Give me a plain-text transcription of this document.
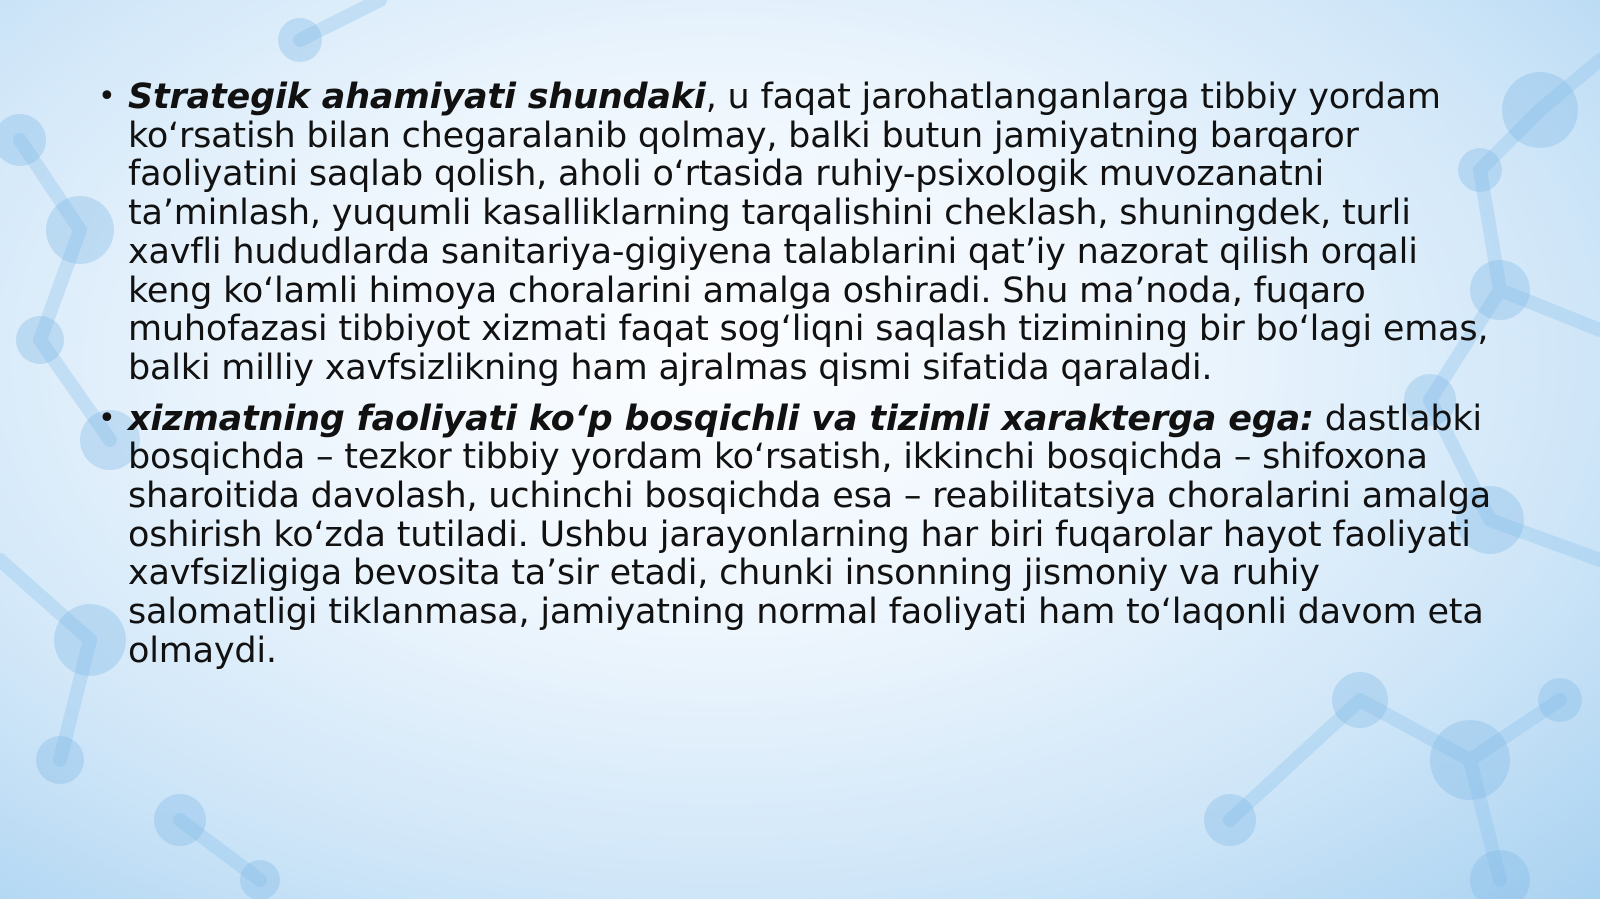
• Strategik ahamiyati shundaki, u faqat jarohatlanganlarga tibbiy yordam koʻrsatish bilan chegaralanib qolmay, balki butun jamiyatning barqaror faoliyatini saqlab qolish, aholi oʻrtasida ruhiy-psixologik muvozanatni taʼminlash, yuqumli kasalliklarning tarqalishini cheklash, shuningdek, turli xavfli hududlarda sanitariya-gigiyena talablarini qatʼiy nazorat qilish orqali keng koʻlamli himoya choralarini amalga oshiradi. Shu maʼnoda, fuqaro muhofazasi tibbiyot xizmati faqat sogʻliqni saqlash tizimining bir boʻlagi emas, balki milliy xavfsizlikning ham ajralmas qismi sifatida qaraladi.
• xizmatning faoliyati koʻp bosqichli va tizimli xarakterga ega: dastlabki bosqichda – tezkor tibbiy yordam koʻrsatish, ikkinchi bosqichda – shifoxona sharoitida davolash, uchinchi bosqichda esa – reabilitatsiya choralarini amalga oshirish koʻzda tutiladi. Ushbu jarayonlarning har biri fuqarolar hayot faoliyati xavfsizligiga bevosita taʼsir etadi, chunki insonning jismoniy va ruhiy salomatligi tiklanmasa, jamiyatning normal faoliyati ham toʻlaqonli davom eta olmaydi.
